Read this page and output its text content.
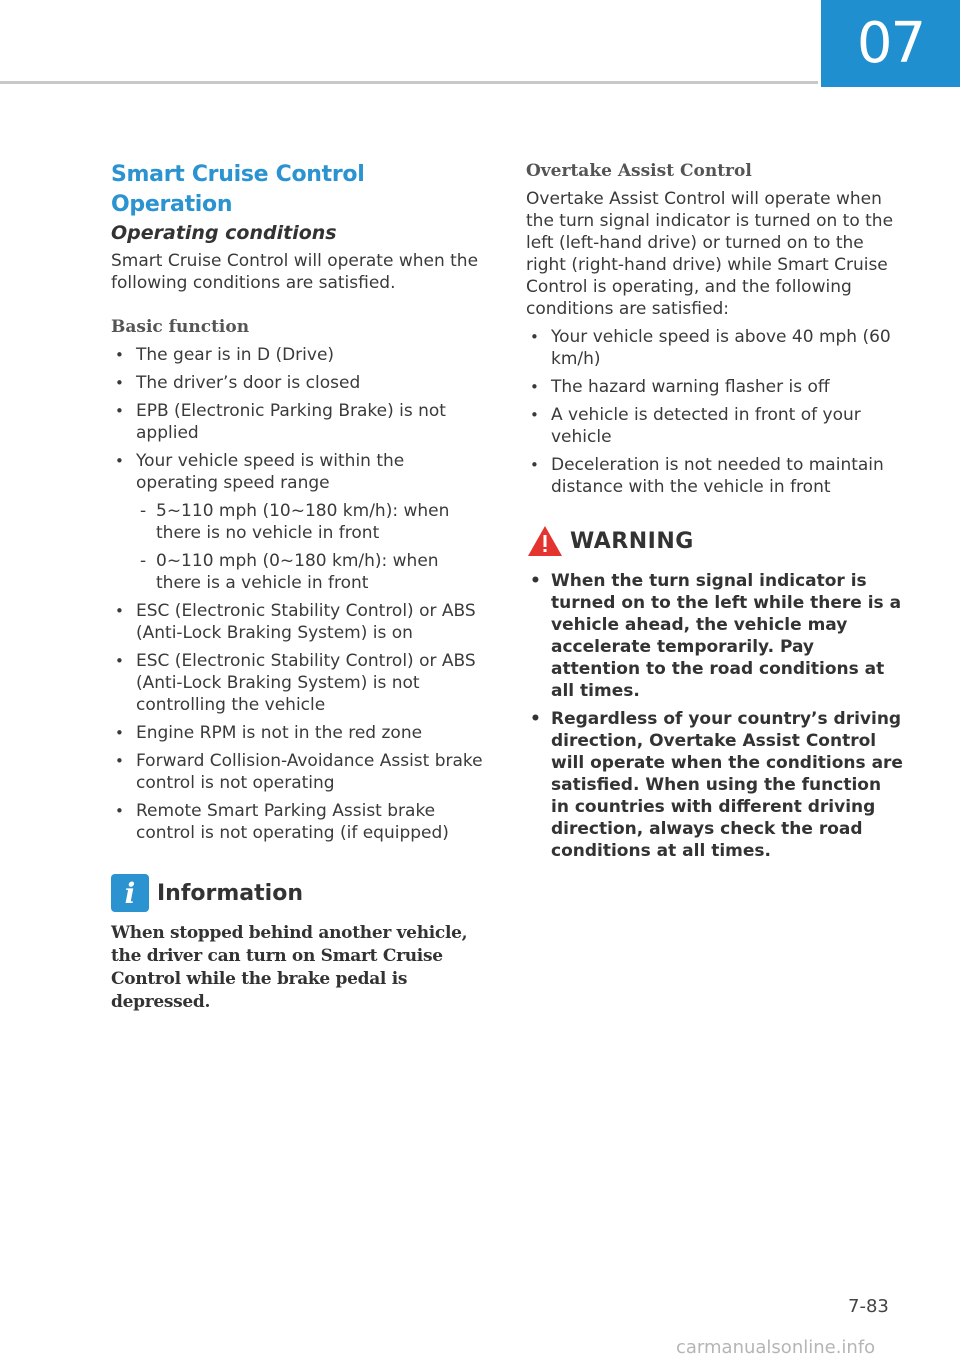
07
Smart Cruise Control Operation
Operating conditions

Smart Cruise Control will operate when the following conditions are satisfied.

Basic function
• The gear is in D (Drive)
• The driver’s door is closed
• EPB (Electronic Parking Brake) is not applied
• Your vehicle speed is within the operating speed range
- 5~110 mph (10~180 km/h): when there is no vehicle in front
- 0~110 mph (0~180 km/h): when there is a vehicle in front
• ESC (Electronic Stability Control) or ABS (Anti-Lock Braking System) is on
• ESC (Electronic Stability Control) or ABS (Anti-Lock Braking System) is not controlling the vehicle
• Engine RPM is not in the red zone
• Forward Collision-Avoidance Assist brake control is not operating
• Remote Smart Parking Assist brake control is not operating (if equipped)
i Information
When stopped behind another vehicle, the driver can turn on Smart Cruise Control while the brake pedal is depressed.
Overtake Assist Control

Overtake Assist Control will operate when the turn signal indicator is turned on to the left (left-hand drive) or turned on to the right (right-hand drive) while Smart Cruise Control is operating, and the following conditions are satisfied:

• Your vehicle speed is above 40 mph (60 km/h)
• The hazard warning flasher is off
• A vehicle is detected in front of your vehicle
• Deceleration is not needed to maintain distance with the vehicle in front
WARNING
• When the turn signal indicator is turned on to the left while there is a vehicle ahead, the vehicle may accelerate temporarily. Pay attention to the road conditions at all times.
• Regardless of your country’s driving direction, Overtake Assist Control will operate when the conditions are satisfied. When using the function in countries with different driving direction, always check the road conditions at all times.
7-83
carmanualsonline.info
